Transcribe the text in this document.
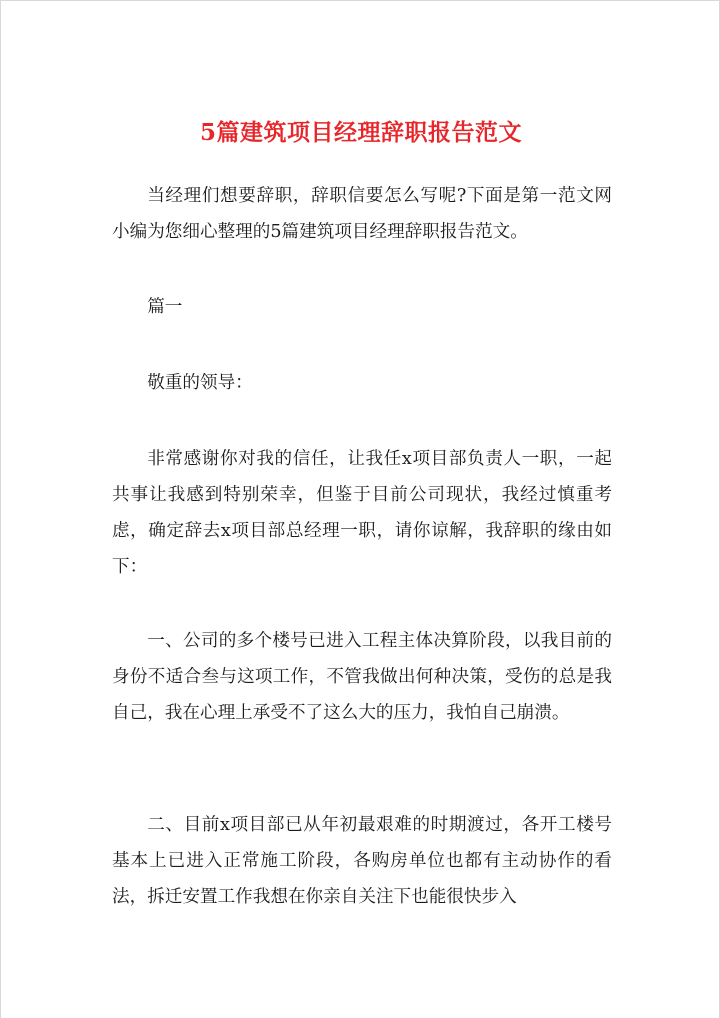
5篇建筑项目经理辞职报告范文

当经理们想要辞职，辞职信要怎么写呢?下面是第一范文网小编为您细心整理的5篇建筑项目经理辞职报告范文。

篇一

敬重的领导：

非常感谢你对我的信任，让我任x项目部负责人一职，一起共事让我感到特别荣幸，但鉴于目前公司现状，我经过慎重考虑，确定辞去x项目部总经理一职，请你谅解，我辞职的缘由如下：

一、公司的多个楼号已进入工程主体决算阶段，以我目前的身份不适合叁与这项工作，不管我做出何种决策，受伤的总是我自己，我在心理上承受不了这么大的压力，我怕自己崩溃。

二、目前x项目部已从年初最艰难的时期渡过，各开工楼号基本上已进入正常施工阶段，各购房单位也都有主动协作的看法，拆迁安置工作我想在你亲自关注下也能很快步入
